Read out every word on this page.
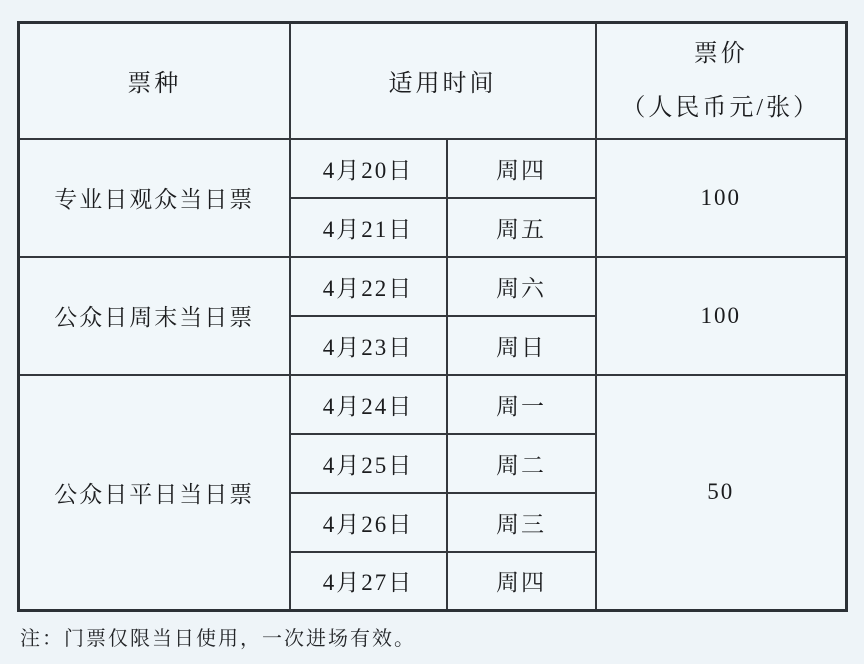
票种	适用时间		票价
（人民币元/张）

专业日观众当日票	4月20日	周四	100
	4月21日	周五	
公众日周末当日票	4月22日	周六	100
	4月23日	周日	
公众日平日当日票	4月24日	周一	50
	4月25日	周二	
	4月26日	周三	
	4月27日	周四	
注：门票仅限当日使用，一次进场有效。
